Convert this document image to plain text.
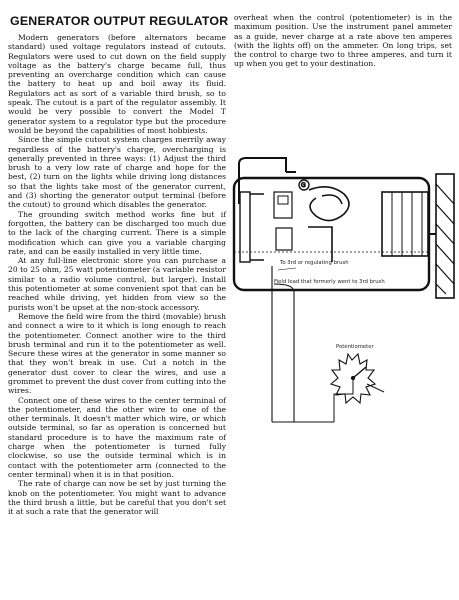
GENERATOR OUTPUT REGULATOR

Modern generators (before alternators became standard) used voltage regulators instead of cutouts. Regulators were used to cut down on the field supply voltage as the battery's charge became full, thus preventing an overcharge condition which can cause the battery to heat up and boil away its fluid. Regulators act as sort of a variable third brush, so to speak. The cutout is a part of the regulator assembly. It would be very possible to convert the Model T generator system to a regulator type but the procedure would be beyond the capabilities of most hobbiests.

Since the simple cutout system charges merrily away regardless of the battery's charge, overcharging is generally prevented in three ways: (1) Adjust the third brush to a very low rate of charge and hope for the best, (2) turn on the lights while driving long distances so that the lights take most of the generator current, and (3) shorting the generator output terminal (before the cutout) to ground which disables the generator.

The grounding switch method works fine but if forgotten, the battery can be discharged too much due to the lack of the charging current. There is a simple modification which can give you a variable charging rate, and can be easily installed in very little time.

At any full-line electronic store you can purchase a 20 to 25 ohm, 25 watt potentiometer (a variable resistor similar to a radio volume control, but larger). Install this potentiometer at some convenient spot that can be reached while driving, yet hidden from view so the purists won't be upset at the non-stock accessory.

Remove the field wire from the third (movable) brush and connect a wire to it which is long enough to reach the potentiometer. Connect another wire to the third brush terminal and run it to the potentiometer as well. Secure these wires at the generator in some manner so that they won't break in use. Cut a notch in the generator dust cover to clear the wires, and use a grommet to prevent the dust cover from cutting into the wires.

Connect one of these wires to the center terminal of the potentiometer, and the other wire to one of the other terminals. It doesn't matter which wire, or which outside terminal, so far as operation is concerned but standard procedure is to have the maximum rate of charge when the potentiometer is turned fully clockwise, so use the outside terminal which is in contact with the potentiometer arm (connected to the center terminal) when it is in that position.

The rate of charge can now be set by just turning the knob on the potentiometer. You might want to advance the third brush a little, but be careful that you don't set it at such a rate that the generator will

overheat when the control (potentiometer) is in the maximum position. Use the instrument panel ammeter as a guide, never charge at a rate above ten amperes (with the lights off) on the ammeter. On long trips, set the control to charge two to three amperes, and turn it up when you get to your destination.

G
To 3rd or regulating brush
Field lead that formerly went to 3rd brush
Potentiometer
